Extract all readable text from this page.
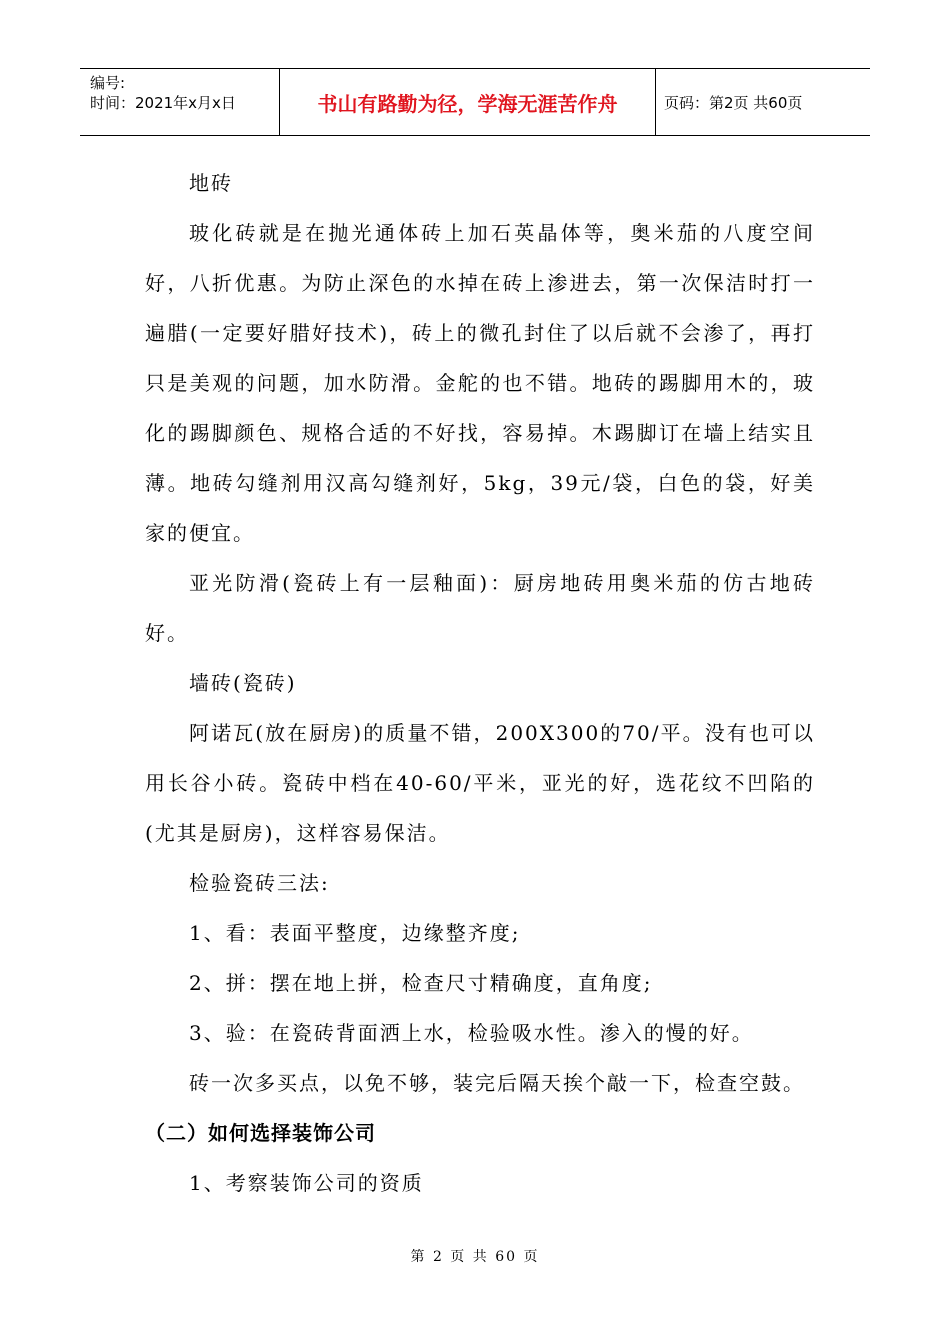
编号:
时间：2021年x月x日	书山有路勤为径，学海无涯苦作舟	页码：第2页 共60页

地砖

玻化砖就是在抛光通体砖上加石英晶体等，奥米茄的八度空间好，八折优惠。为防止深色的水掉在砖上渗进去，第一次保洁时打一遍腊(一定要好腊好技术)，砖上的微孔封住了以后就不会渗了，再打只是美观的问题，加水防滑。金舵的也不错。地砖的踢脚用木的，玻化的踢脚颜色、规格合适的不好找，容易掉。木踢脚订在墙上结实且薄。地砖勾缝剂用汉高勾缝剂好，5kg，39元/袋，白色的袋，好美家的便宜。

亚光防滑(瓷砖上有一层釉面)：厨房地砖用奥米茄的仿古地砖好。

墙砖(瓷砖)

阿诺瓦(放在厨房)的质量不错，200X300的70/平。没有也可以用长谷小砖。瓷砖中档在40-60/平米，亚光的好，选花纹不凹陷的(尤其是厨房)，这样容易保洁。

检验瓷砖三法:

1、看：表面平整度，边缘整齐度;

2、拼：摆在地上拼，检查尺寸精确度，直角度;

3、验：在瓷砖背面洒上水，检验吸水性。渗入的慢的好。

砖一次多买点，以免不够，装完后隔天挨个敲一下，检查空鼓。

（二）如何选择装饰公司

1、考察装饰公司的资质

第 2 页 共 60 页
